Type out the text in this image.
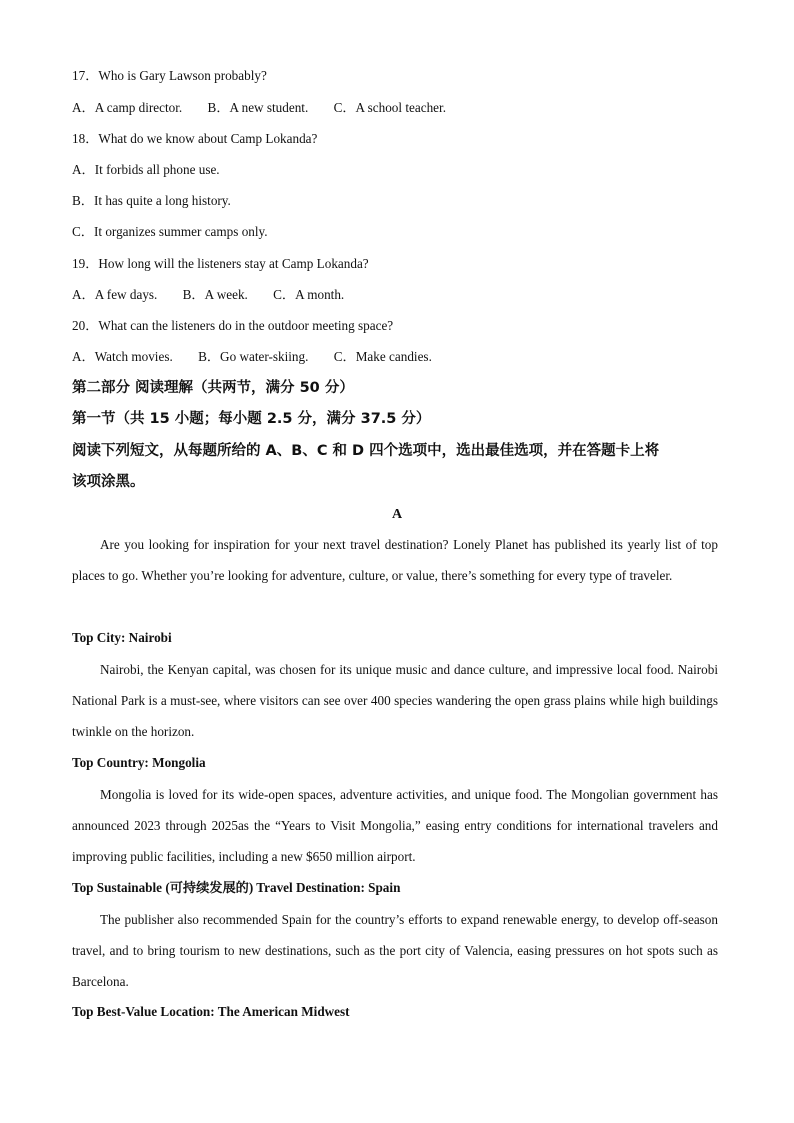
17．Who is Gary Lawson probably?
A．A camp director. B．A new student. C．A school teacher.
18．What do we know about Camp Lokanda?
A．It forbids all phone use.
B．It has quite a long history.
C．It organizes summer camps only.
19．How long will the listeners stay at Camp Lokanda?
A．A few days. B．A week. C．A month.
20．What can the listeners do in the outdoor meeting space?
A．Watch movies. B．Go water-skiing. C．Make candies.
第二部分 阅读理解（共两节，满分 50 分）
第一节（共 15 小题；每小题 2.5 分，满分 37.5 分）
阅读下列短文，从每题所给的 A、B、C 和 D 四个选项中，选出最佳选项，并在答题卡上将
该项涂黑。
A
Are you looking for inspiration for your next travel destination? Lonely Planet has published its yearly list of top places to go. Whether you’re looking for adventure, culture, or value, there’s something for every type of traveler.
Top City: Nairobi
Nairobi, the Kenyan capital, was chosen for its unique music and dance culture, and impressive local food. Nairobi National Park is a must-see, where visitors can see over 400 species wandering the open grass plains while high buildings twinkle on the horizon.
Top Country: Mongolia
Mongolia is loved for its wide-open spaces, adventure activities, and unique food. The Mongolian government has announced 2023 through 2025as the “Years to Visit Mongolia,” easing entry conditions for international travelers and improving public facilities, including a new $650 million airport.
Top Sustainable (可持续发展的) Travel Destination: Spain
The publisher also recommended Spain for the country’s efforts to expand renewable energy, to develop off-season travel, and to bring tourism to new destinations, such as the port city of Valencia, easing pressures on hot spots such as Barcelona.
Top Best-Value Location: The American Midwest
